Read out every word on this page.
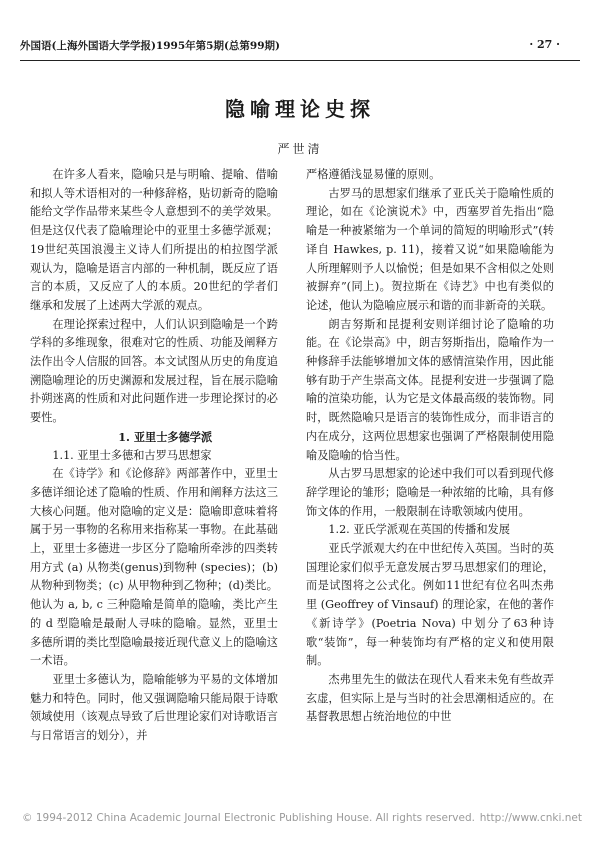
外国语(上海外国语大学学报)1995年第5期(总第99期)	· 27 ·
隐喻理论史探
严世清

在许多人看来，隐喻只是与明喻、提喻、借喻和拟人等术语相对的一种修辞格，贴切新奇的隐喻能给文学作品带来某些令人意想到不的美学效果。但是这仅代表了隐喻理论中的亚里士多德学派观；19世纪英国浪漫主义诗人们所提出的柏拉图学派观认为，隐喻是语言内部的一种机制，既反应了语言的本质，又反应了人的本质。20世纪的学者们继承和发展了上述两大学派的观点。

在理论探索过程中，人们认识到隐喻是一个跨学科的多维现象，很难对它的性质、功能及阐释方法作出令人信服的回答。本文试图从历史的角度追溯隐喻理论的历史渊源和发展过程，旨在展示隐喻扑朔迷离的性质和对此问题作进一步理论探讨的必要性。

1. 亚里士多德学派

1.1. 亚里士多德和古罗马思想家

在《诗学》和《论修辞》两部著作中，亚里士多德详细论述了隐喻的性质、作用和阐释方法这三大核心问题。他对隐喻的定义是：隐喻即意味着将属于另一事物的名称用来指称某一事物。在此基础上，亚里士多德进一步区分了隐喻所牵涉的四类转用方式 (a) 从物类(genus)到物种 (species)；(b) 从物种到物类；(c) 从甲物种到乙物种；(d)类比。他认为 a, b, c 三种隐喻是简单的隐喻，类比产生的 d 型隐喻是最耐人寻味的隐喻。显然，亚里士多德所谓的类比型隐喻最接近现代意义上的隐喻这一术语。

亚里士多德认为，隐喻能够为平易的文体增加魅力和特色。同时，他又强调隐喻只能局限于诗歌领域使用（该观点导致了后世理论家们对诗歌语言与日常语言的划分），并

严格遵循浅显易懂的原则。

古罗马的思想家们继承了亚氏关于隐喻性质的理论，如在《论演说术》中，西塞罗首先指出“隐喻是一种被紧缩为一个单词的简短的明喻形式”(转译自 Hawkes, p. 11)，接着又说“如果隐喻能为人所理解则予人以愉悦；但是如果不含相似之处则被摒弃”(同上)。贺拉斯在《诗艺》中也有类似的论述，他认为隐喻应展示和谐的而非新奇的关联。

朗吉努斯和昆提利安则详细讨论了隐喻的功能。在《论崇高》中，朗吉努斯指出，隐喻作为一种修辞手法能够增加文体的感情渲染作用，因此能够有助于产生崇高文体。昆提利安进一步强调了隐喻的渲染功能，认为它是文体最高级的装饰物。同时，既然隐喻只是语言的装饰性成分，而非语言的内在成分，这两位思想家也强调了严格限制使用隐喻及隐喻的恰当性。

从古罗马思想家的论述中我们可以看到现代修辞学理论的雏形；隐喻是一种浓缩的比喻，具有修饰文体的作用，一般限制在诗歌领域内使用。

1.2. 亚氏学派观在英国的传播和发展

亚氏学派观大约在中世纪传入英国。当时的英国理论家们似乎无意发展古罗马思想家们的理论，而是试图将之公式化。例如11世纪有位名叫杰弗里 (Geoffrey of Vinsauf) 的理论家，在他的著作《新诗学》(Poetria Nova) 中划分了63种诗歌“装饰”，每一种装饰均有严格的定义和使用限制。

杰弗里先生的做法在现代人看来未免有些故弄玄虚，但实际上是与当时的社会思潮相适应的。在基督教思想占统治地位的中世

© 1994-2012 China Academic Journal Electronic Publishing House. All rights reserved. http://www.cnki.net
